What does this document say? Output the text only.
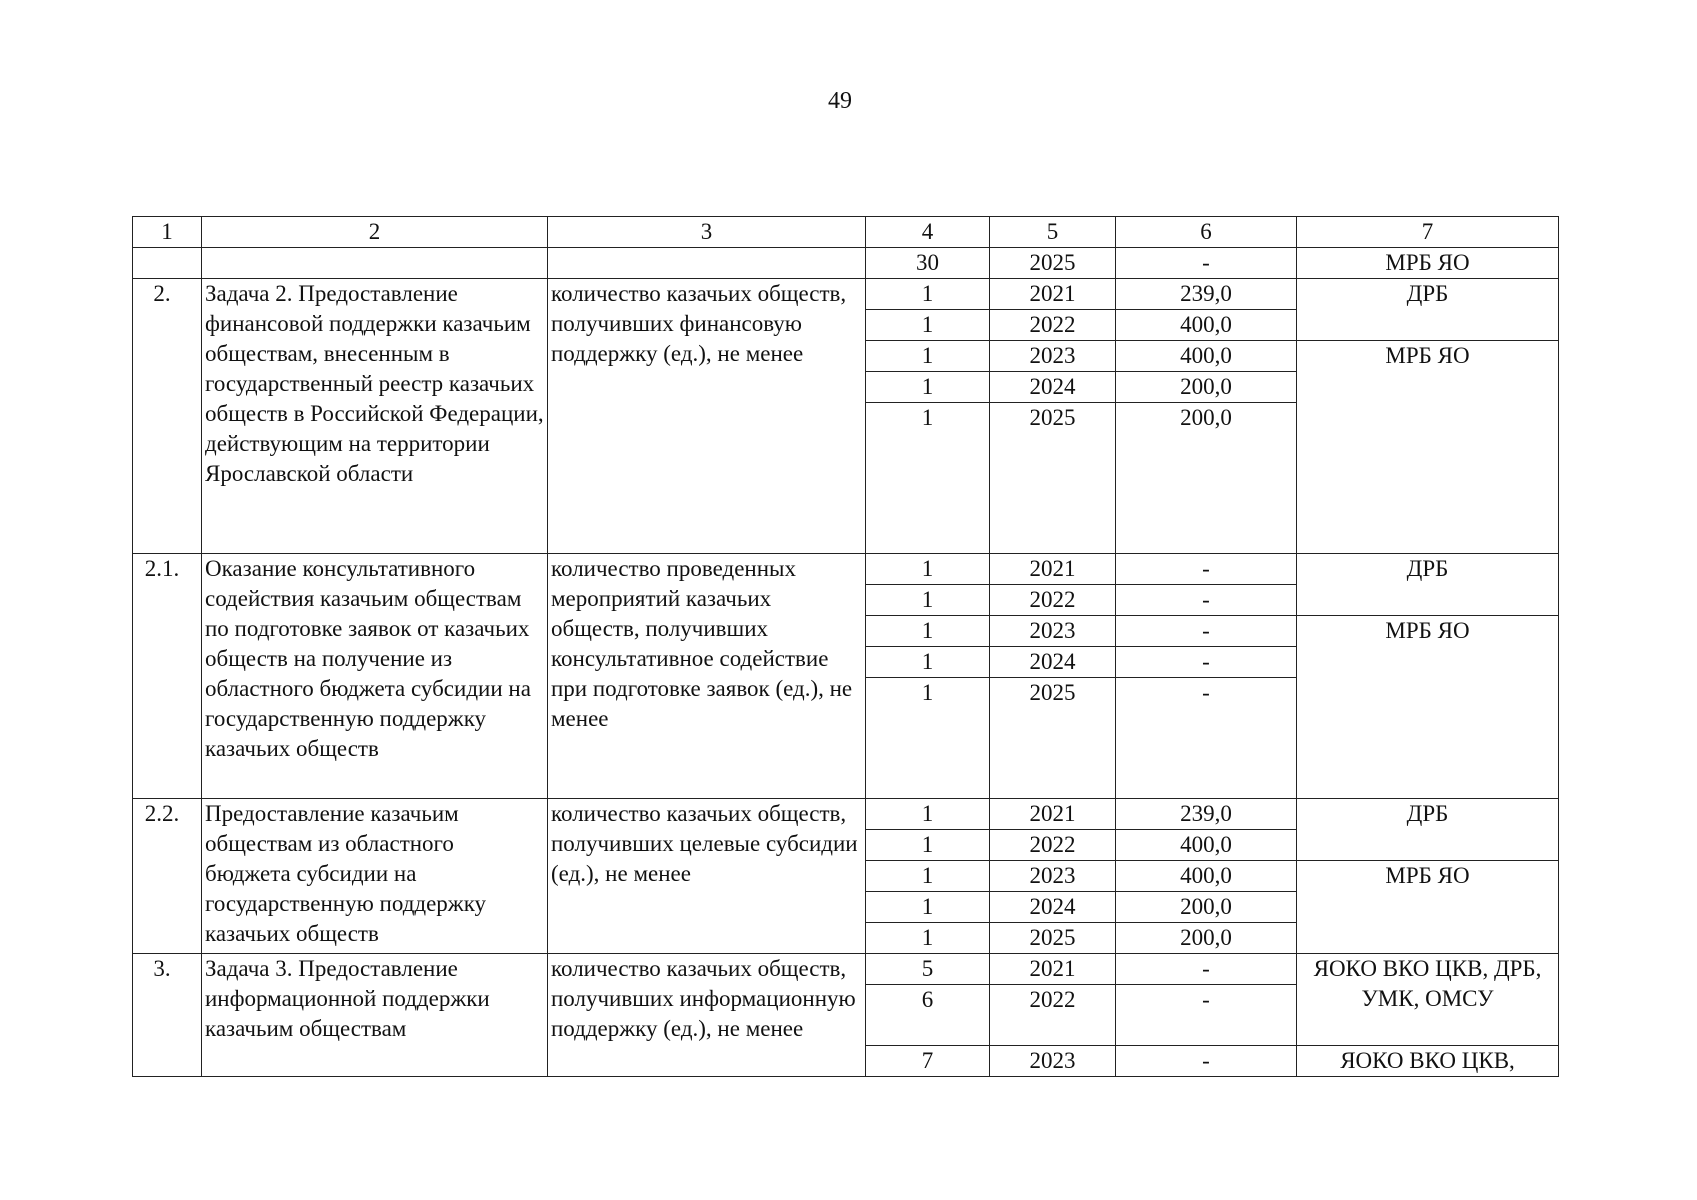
49
1	2	3	4	5	6	7
			30	2025	-	МРБ ЯО
2.	Задача 2. Предоставление финансовой поддержки казачьим обществам, внесенным в государственный реестр казачьих обществ в Российской Федерации, действующим на территории Ярославской области	количество казачьих обществ, получивших финансовую поддержку (ед.), не менее	1	2021	239,0	ДРБ
			1	2022	400,0	
			1	2023	400,0	МРБ ЯО
			1	2024	200,0	
			1	2025	200,0	
2.1.	Оказание консультативного содействия казачьим обществам по подготовке заявок от казачьих обществ на получение из областного бюджета субсидии на государственную поддержку казачьих обществ	количество проведенных мероприятий казачьих обществ, получивших консультативное содействие при подготовке заявок (ед.), не менее	1	2021	-	ДРБ
			1	2022	-	
			1	2023	-	МРБ ЯО
			1	2024	-	
			1	2025	-	
2.2.	Предоставление казачьим обществам из областного бюджета субсидии на государственную поддержку казачьих обществ	количество казачьих обществ, получивших целевые субсидии (ед.), не менее	1	2021	239,0	ДРБ
			1	2022	400,0	
			1	2023	400,0	МРБ ЯО
			1	2024	200,0	
			1	2025	200,0	
3.	Задача 3. Предоставление информационной поддержки казачьим обществам	количество казачьих обществ, получивших информационную поддержку (ед.), не менее	5	2021	-	ЯОКО ВКО ЦКВ, ДРБ, УМК, ОМСУ
			6	2022	-	
			7	2023	-	ЯОКО ВКО ЦКВ,
